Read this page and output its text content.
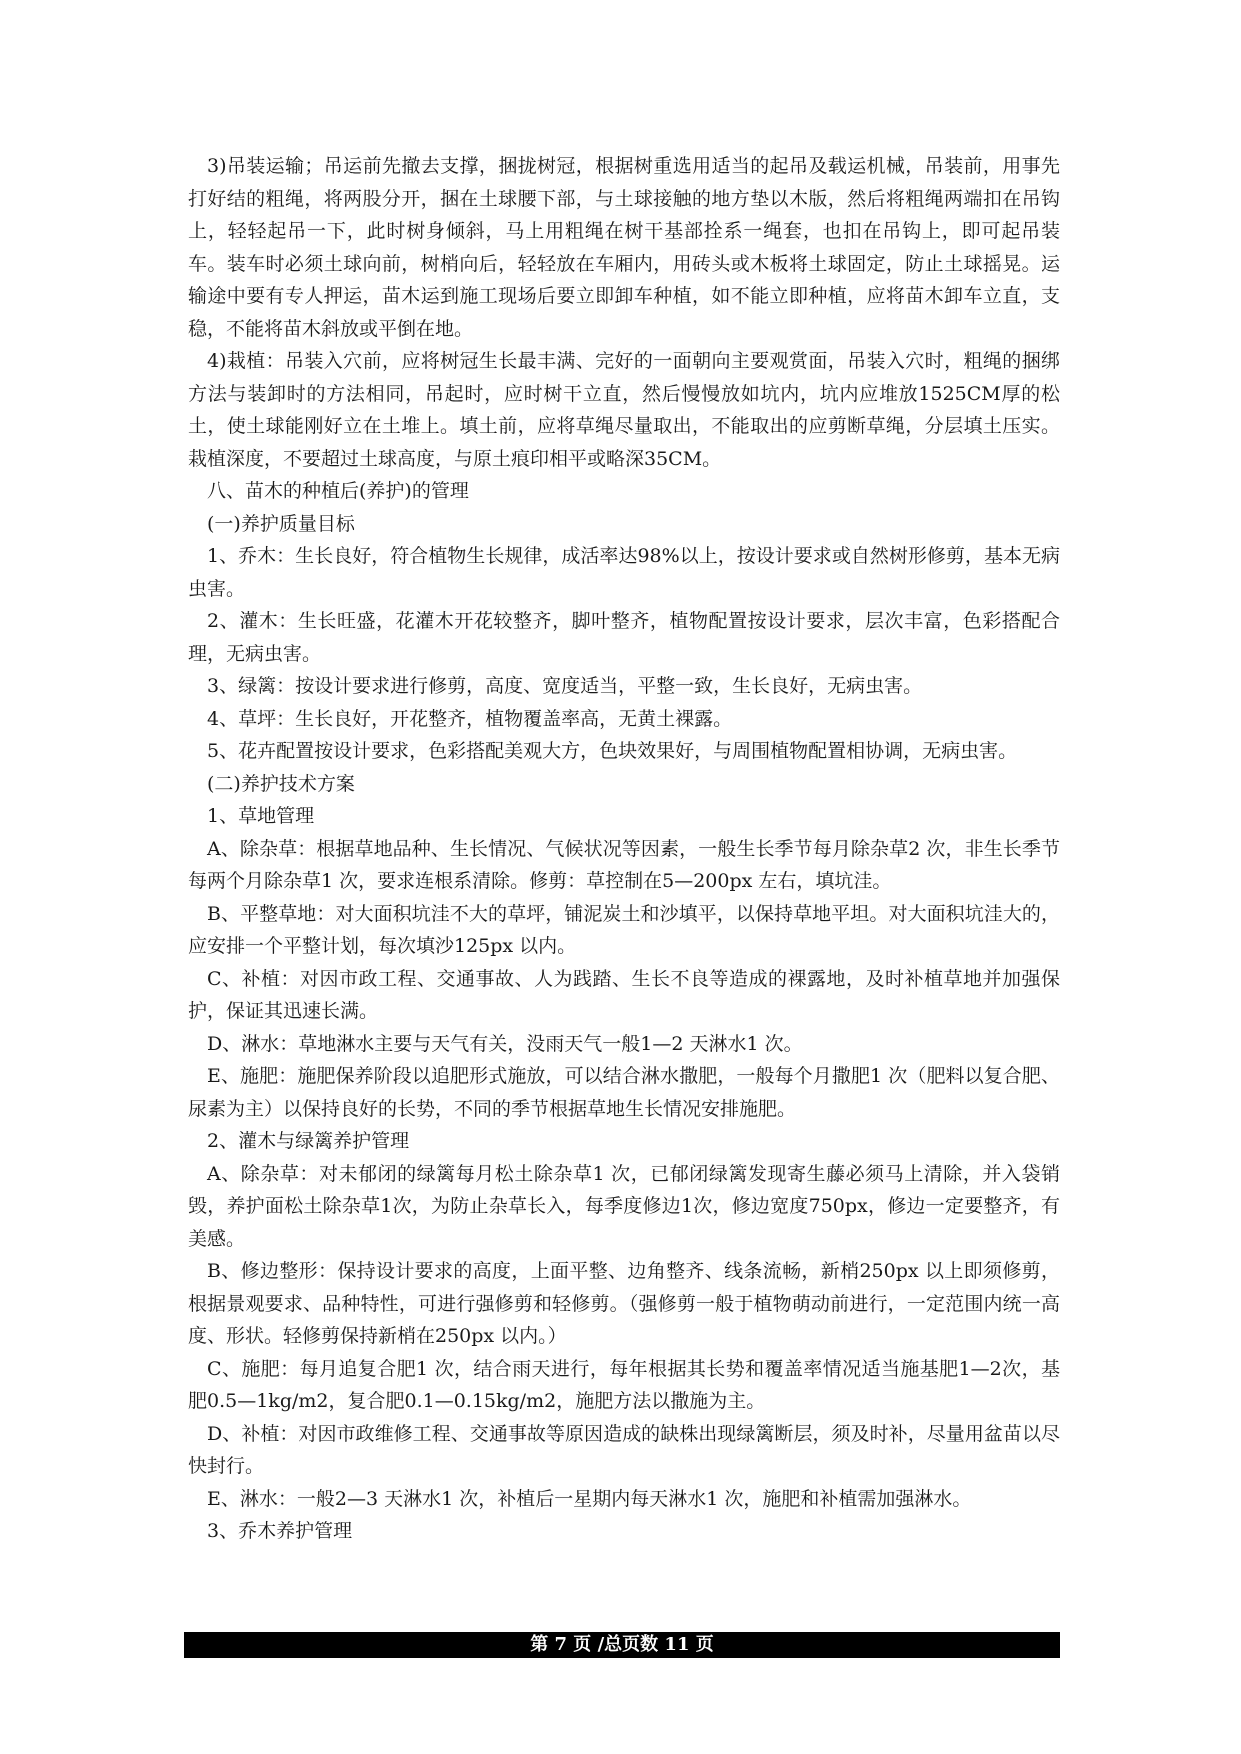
3)吊装运输；吊运前先撤去支撑，捆拢树冠，根据树重选用适当的起吊及载运机械，吊装前，用事先打好结的粗绳，将两股分开，捆在土球腰下部，与土球接触的地方垫以木版，然后将粗绳两端扣在吊钩上，轻轻起吊一下，此时树身倾斜，马上用粗绳在树干基部拴系一绳套，也扣在吊钩上，即可起吊装车。装车时必须土球向前，树梢向后，轻轻放在车厢内，用砖头或木板将土球固定，防止土球摇晃。运输途中要有专人押运，苗木运到施工现场后要立即卸车种植，如不能立即种植，应将苗木卸车立直，支稳，不能将苗木斜放或平倒在地。

4)栽植：吊装入穴前，应将树冠生长最丰满、完好的一面朝向主要观赏面，吊装入穴时，粗绳的捆绑方法与装卸时的方法相同，吊起时，应时树干立直，然后慢慢放如坑内，坑内应堆放1525CM厚的松土，使土球能刚好立在土堆上。填土前，应将草绳尽量取出，不能取出的应剪断草绳，分层填土压实。栽植深度，不要超过土球高度，与原土痕印相平或略深35CM。

八、苗木的种植后(养护)的管理

(一)养护质量目标

1、乔木：生长良好，符合植物生长规律，成活率达98%以上，按设计要求或自然树形修剪，基本无病虫害。

2、灌木：生长旺盛，花灌木开花较整齐，脚叶整齐，植物配置按设计要求，层次丰富，色彩搭配合理，无病虫害。

3、绿篱：按设计要求进行修剪，高度、宽度适当，平整一致，生长良好，无病虫害。

4、草坪：生长良好，开花整齐，植物覆盖率高，无黄土裸露。

5、花卉配置按设计要求，色彩搭配美观大方，色块效果好，与周围植物配置相协调，无病虫害。

(二)养护技术方案

1、草地管理

A、除杂草：根据草地品种、生长情况、气候状况等因素，一般生长季节每月除杂草2 次，非生长季节每两个月除杂草1 次，要求连根系清除。修剪：草控制在5—200px 左右，填坑洼。

B、平整草地：对大面积坑洼不大的草坪，铺泥炭土和沙填平，以保持草地平坦。对大面积坑洼大的，应安排一个平整计划，每次填沙125px 以内。

C、补植：对因市政工程、交通事故、人为践踏、生长不良等造成的裸露地，及时补植草地并加强保护，保证其迅速长满。

D、淋水：草地淋水主要与天气有关，没雨天气一般1—2 天淋水1 次。

E、施肥：施肥保养阶段以追肥形式施放，可以结合淋水撒肥，一般每个月撒肥1 次（肥料以复合肥、尿素为主）以保持良好的长势，不同的季节根据草地生长情况安排施肥。

2、灌木与绿篱养护管理

A、除杂草：对未郁闭的绿篱每月松土除杂草1 次，已郁闭绿篱发现寄生藤必须马上清除，并入袋销毁，养护面松土除杂草1次，为防止杂草长入，每季度修边1次，修边宽度750px，修边一定要整齐，有美感。

B、修边整形：保持设计要求的高度，上面平整、边角整齐、线条流畅，新梢250px 以上即须修剪，根据景观要求、品种特性，可进行强修剪和轻修剪。（强修剪一般于植物萌动前进行，一定范围内统一高度、形状。轻修剪保持新梢在250px 以内。）

C、施肥：每月追复合肥1 次，结合雨天进行，每年根据其长势和覆盖率情况适当施基肥1—2次，基肥0.5—1kg/m2，复合肥0.1—0.15kg/m2，施肥方法以撒施为主。

D、补植：对因市政维修工程、交通事故等原因造成的缺株出现绿篱断层，须及时补，尽量用盆苗以尽快封行。

E、淋水：一般2—3 天淋水1 次，补植后一星期内每天淋水1 次，施肥和补植需加强淋水。

3、乔木养护管理

第 7 页 /总页数 11 页
